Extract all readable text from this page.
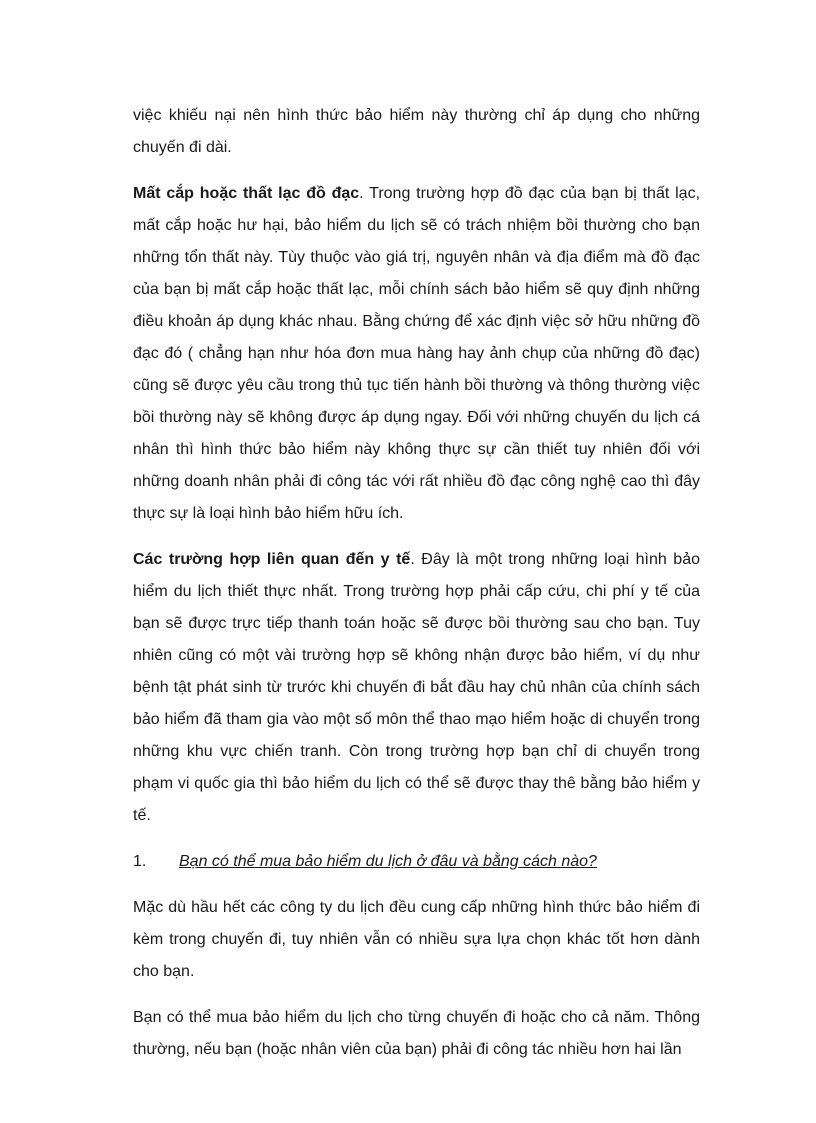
việc khiếu nại nên hình thức bảo hiểm này thường chỉ áp dụng cho những chuyến đi dài.

Mất cắp hoặc thất lạc đồ đạc. Trong trường hợp đồ đạc của bạn bị thất lạc, mất cắp hoặc hư hại, bảo hiểm du lịch sẽ có trách nhiệm bồi thường cho bạn những tổn thất này. Tùy thuộc vào giá trị, nguyên nhân và địa điểm mà đồ đạc của bạn bị mất cắp hoặc thất lạc, mỗi chính sách bảo hiểm sẽ quy định những điều khoản áp dụng khác nhau. Bằng chứng để xác định việc sở hữu những đồ đạc đó ( chẳng hạn như hóa đơn mua hàng hay ảnh chụp của những đồ đạc) cũng sẽ được yêu cầu trong thủ tục tiến hành bồi thường và thông thường việc bồi thường này sẽ không được áp dụng ngay. Đối với những chuyến du lịch cá nhân thì hình thức bảo hiểm này không thực sự cần thiết tuy nhiên đối với những doanh nhân phải đi công tác với rất nhiều đồ đạc công nghệ cao thì đây thực sự là loại hình bảo hiểm hữu ích.

Các trường hợp liên quan đến y tế. Đây là một trong những loại hình bảo hiểm du lịch thiết thực nhất. Trong trường hợp phải cấp cứu, chi phí y tế của bạn sẽ được trực tiếp thanh toán hoặc sẽ được bồi thường sau cho bạn. Tuy nhiên cũng có một vài trường hợp sẽ không nhận được bảo hiểm, ví dụ như bệnh tật phát sinh từ trước khi chuyến đi bắt đầu hay chủ nhân của chính sách bảo hiểm đã tham gia vào một số môn thể thao mạo hiểm hoặc di chuyển trong những khu vực chiến tranh. Còn trong trường hợp bạn chỉ di chuyển trong phạm vi quốc gia thì bảo hiểm du lịch có thể sẽ được thay thê bằng bảo hiểm y tế.

1.	Bạn có thể mua bảo hiểm du lịch ở đâu và bằng cách nào?

Mặc dù hầu hết các công ty du lịch đều cung cấp những hình thức bảo hiểm đi kèm trong chuyến đi, tuy nhiên vẫn có nhiều sựa lựa chọn khác tốt hơn dành cho bạn.

Bạn có thể mua bảo hiểm du lịch cho từng chuyến đi hoặc cho cả năm. Thông thường, nếu bạn (hoặc nhân viên của bạn) phải đi công tác nhiều hơn hai lần
